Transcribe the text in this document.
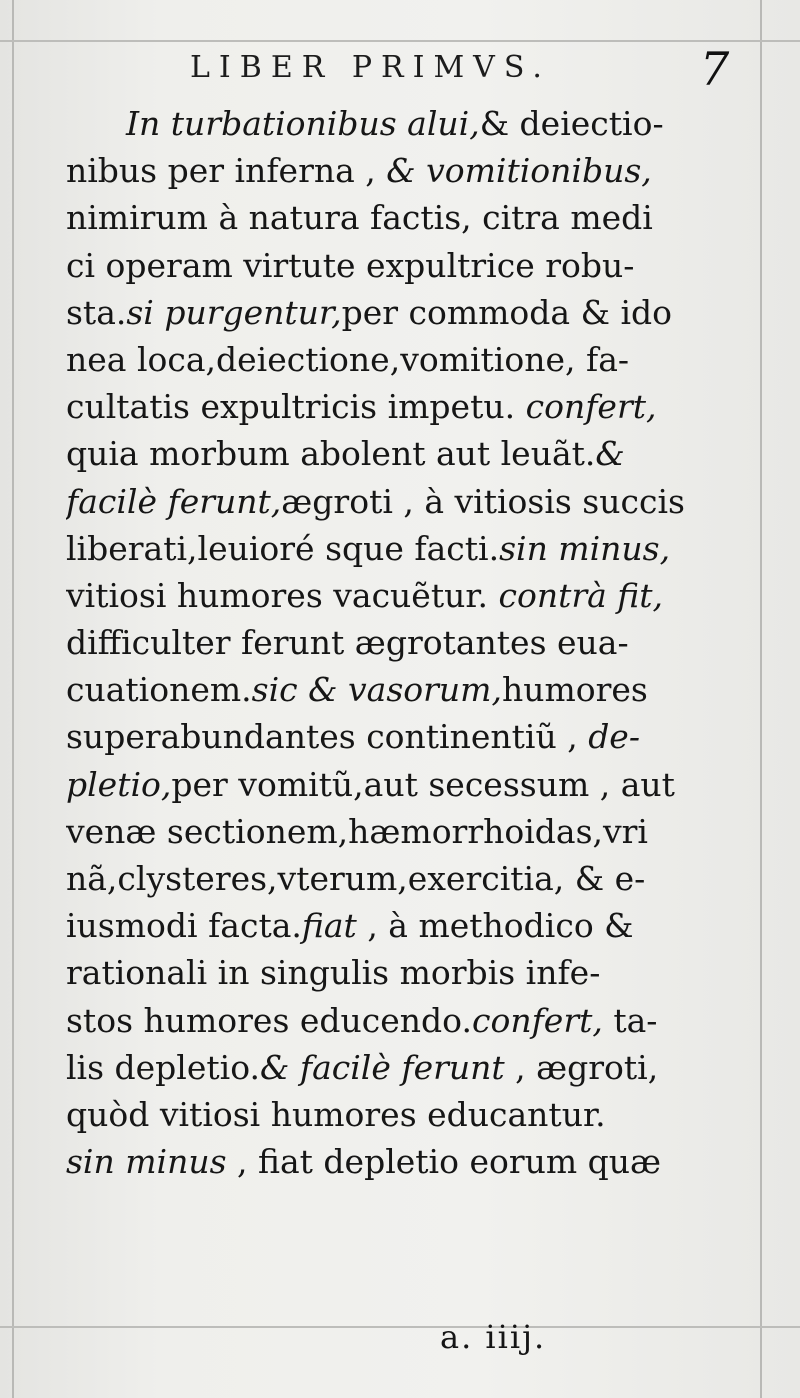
LIBER PRIMVS.	7
In turbationibus alui,& deiectio-
nibus per inferna , & vomitionibus,
nimirum à natura factis, citra medi
ci operam virtute expultrice robu-
sta.si purgentur,per commoda & ido
nea loca,deiectione,vomitione, fa-
cultatis expultricis impetu. confert,
quia morbum abolent aut leuãt.&
facilè ferunt,ægroti , à vitiosis succis
liberati,leuioré sque facti.sin minus,
vitiosi humores vacuẽtur. contrà fit,
difficulter ferunt ægrotantes eua-
cuationem.sic & vasorum,humores
superabundantes continentiũ , de-
pletio,per vomitũ,aut secessum , aut
venæ sectionem,hæmorrhoidas,vri
nã,clysteres,vterum,exercitia, & e-
iusmodi facta.fiat , à methodico &
rationali in singulis morbis infe-
stos humores educendo.confert, ta-
lis depletio.& facilè ferunt , ægroti,
quòd vitiosi humores educantur.
sin minus , fiat depletio eorum quæ
a. iiij.
